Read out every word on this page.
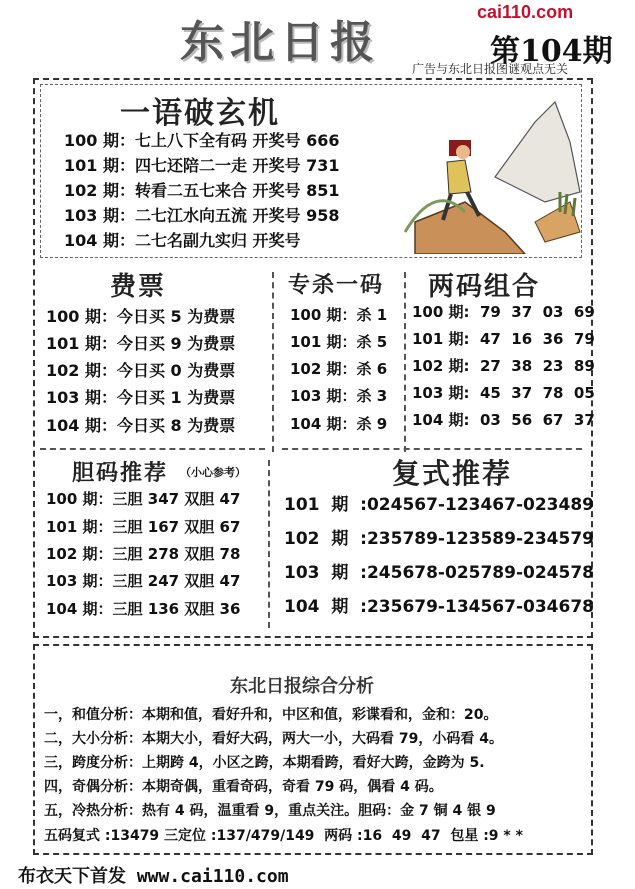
cai110.com
东北日报	第104期
广告与东北日报图谜观点无关
一语破玄机
100 期：七上八下全有码 开奖号 666
101 期：四七还陪二一走 开奖号 731
102 期：转看二五七来合 开奖号 851
103 期：二七江水向五流 开奖号 958
104 期：二七名副九实归 开奖号
费票
100 期：今日买 5 为费票
101 期：今日买 9 为费票
102 期：今日买 0 为费票
103 期：今日买 1 为费票
104 期：今日买 8 为费票
专杀一码
100 期：杀 1
101 期：杀 5
102 期：杀 6
103 期：杀 3
104 期：杀 9
两码组合
100 期:  79  37  03  69
101 期:  47  16  36  79
102 期:  27  38  23  89
103 期:  45  37  78  05
104 期:  03  56  67  37
胆码推荐 （小心参考）
100 期：三胆 347 双胆 47
101 期：三胆 167 双胆 67
102 期：三胆 278 双胆 78
103 期：三胆 247 双胆 47
104 期：三胆 136 双胆 36
复式推荐
101  期  :024567-123467-023489
102  期  :235789-123589-234579
103  期  :245678-025789-024578
104  期  :235679-134567-034678
东北日报综合分析
一，和值分析：本期和值，看好升和，中区和值，彩谍看和，金和：20。
二，大小分析：本期大小，看好大码，两大一小，大码看 79，小码看 4。
三，跨度分析：上期跨 4，小区之跨，本期看跨，看好大跨，金跨为 5.
四，奇偶分析：本期奇偶，重看奇码，奇看 79 码，偶看 4 码。
五，冷热分析：热有 4 码，温重看 9，重点关注。胆码：金 7 铜 4 银 9
五码复式 :13479 三定位 :137/479/149  两码 :16  49  47  包星 :9 * *
布衣天下首发 www.cai110.com
